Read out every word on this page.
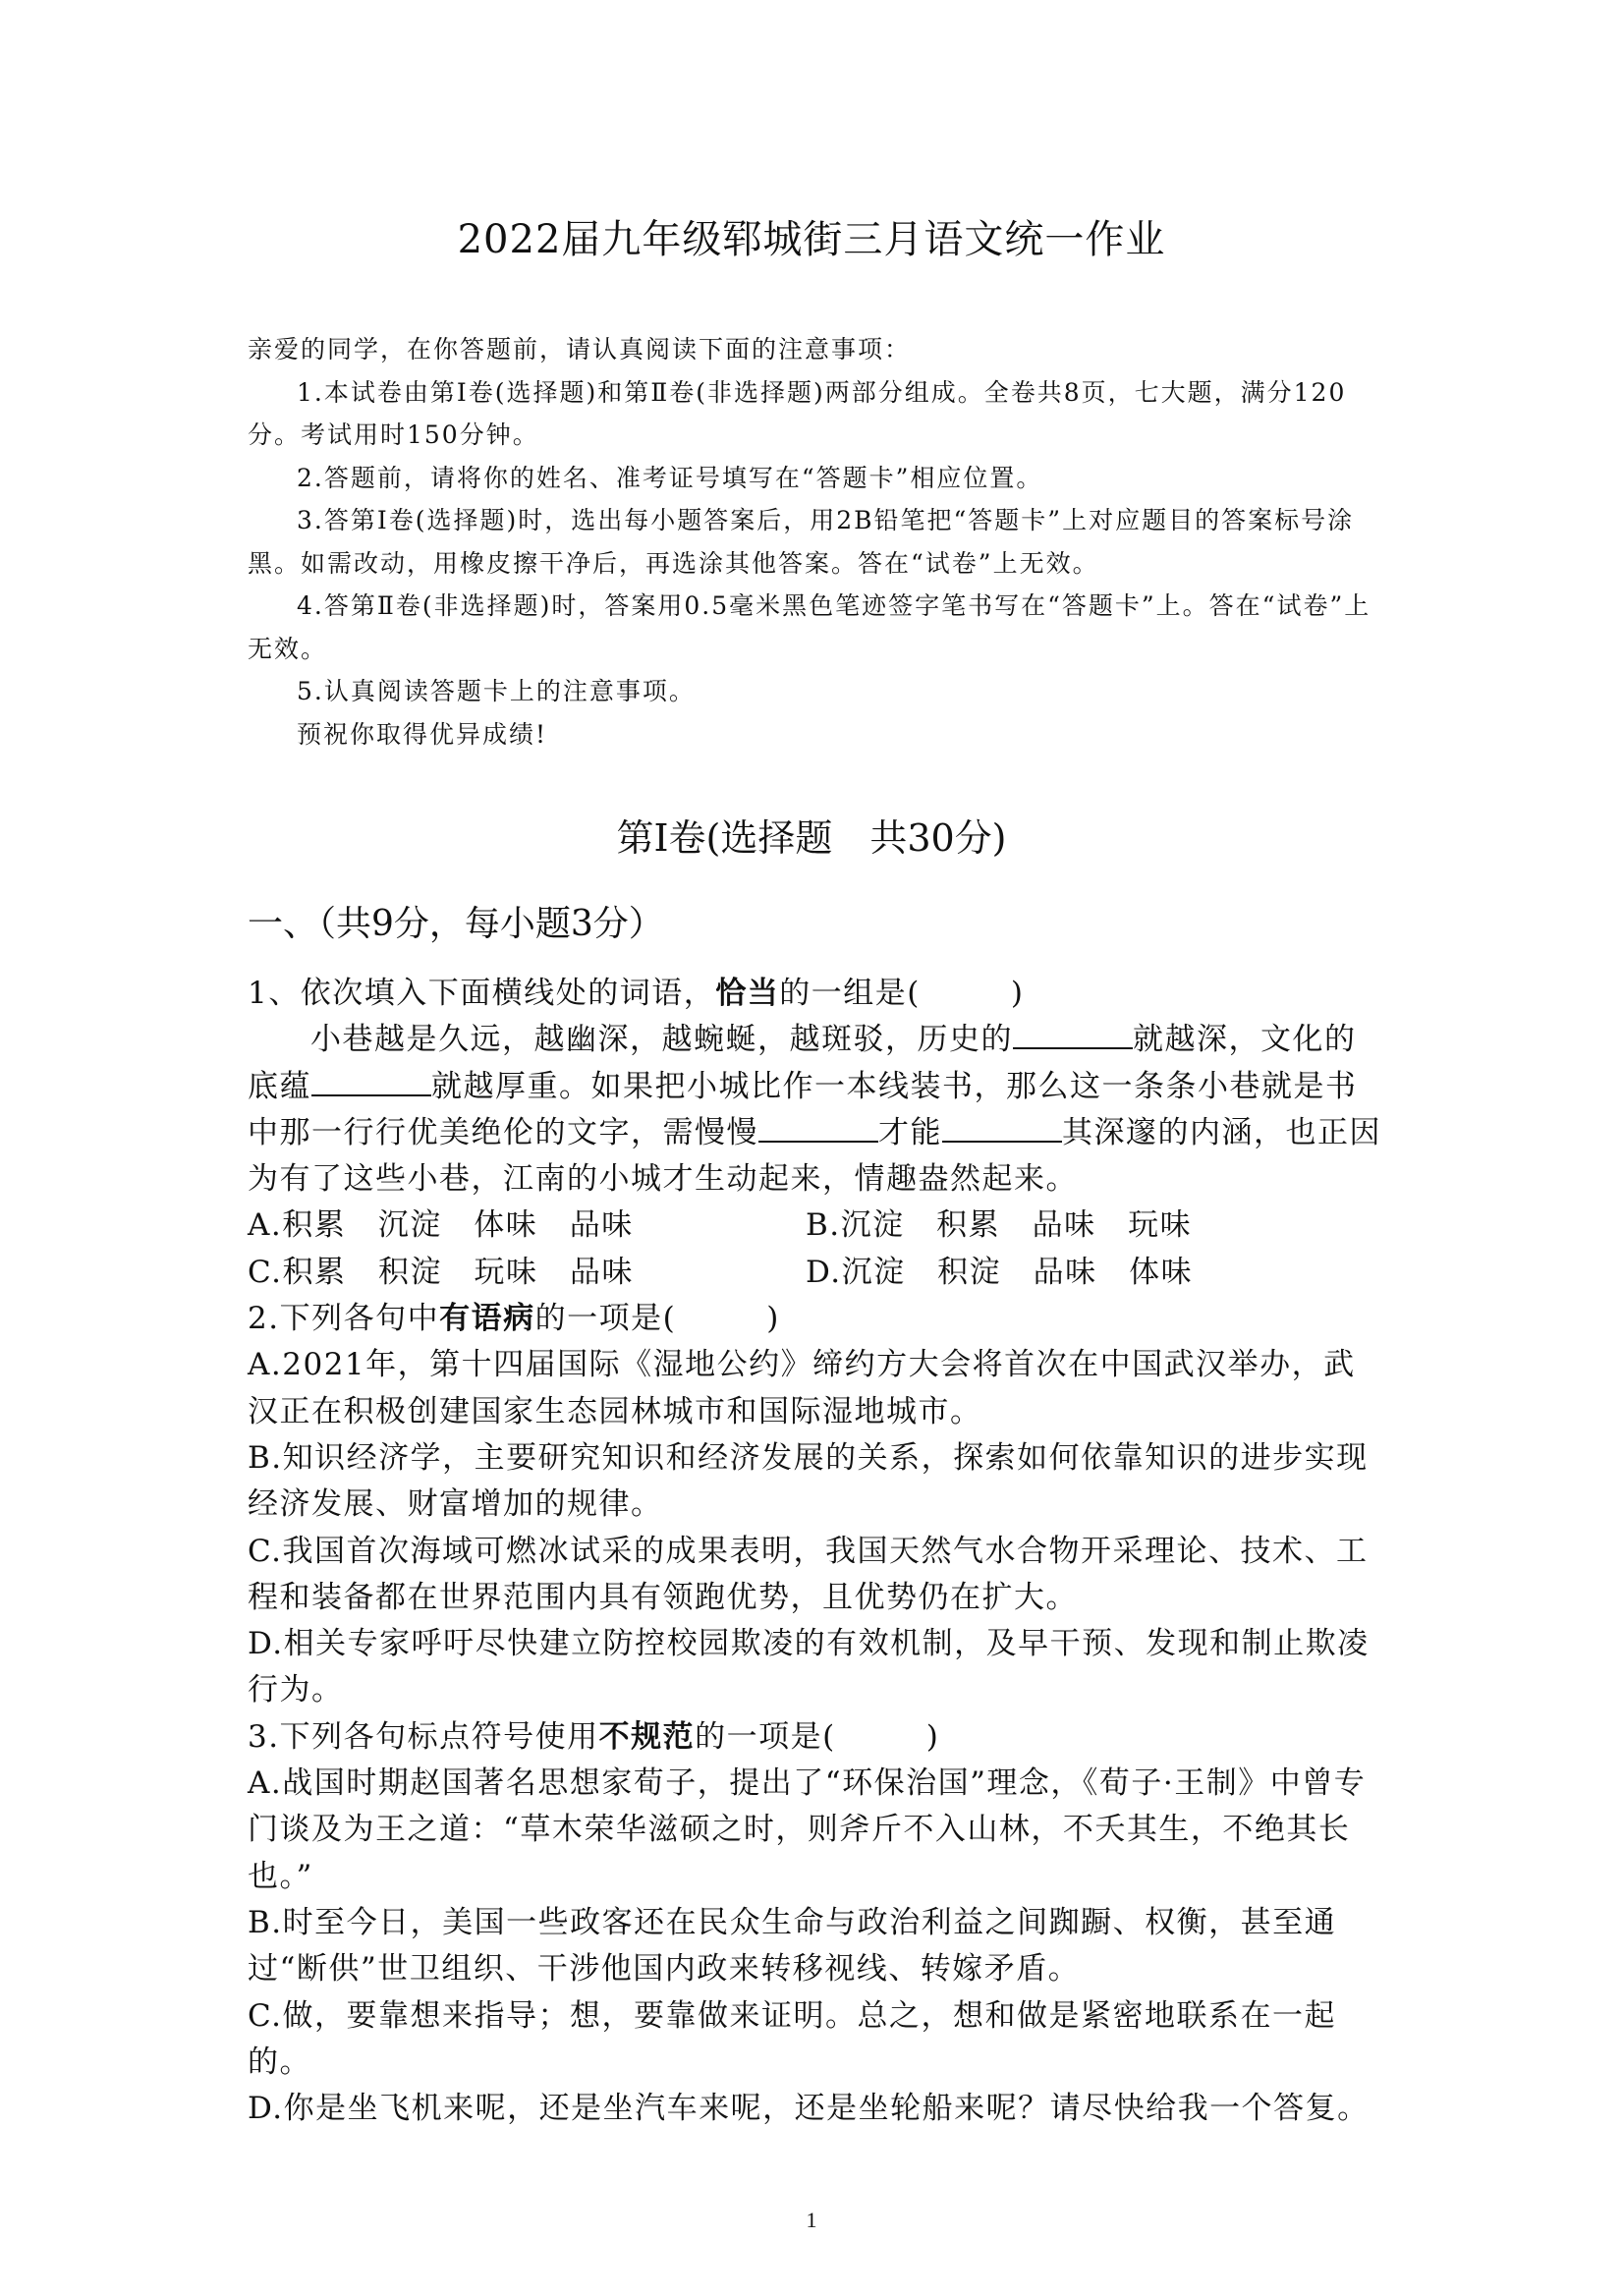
2022届九年级郓城街三月语文统一作业

亲爱的同学，在你答题前，请认真阅读下面的注意事项：

1.本试卷由第Ⅰ卷(选择题)和第Ⅱ卷(非选择题)两部分组成。全卷共8页，七大题，满分120分。考试用时150分钟。

2.答题前，请将你的姓名、准考证号填写在“答题卡”相应位置。

3.答第Ⅰ卷(选择题)时，选出每小题答案后，用2B铅笔把“答题卡”上对应题目的答案标号涂黑。如需改动，用橡皮擦干净后，再选涂其他答案。答在“试卷”上无效。

4.答第Ⅱ卷(非选择题)时，答案用0.5毫米黑色笔迹签字笔书写在“答题卡”上。答在“试卷”上无效。

5.认真阅读答题卡上的注意事项。

预祝你取得优异成绩!

第Ⅰ卷(选择题　共30分)
一、（共9分，每小题3分）

1、依次填入下面横线处的词语，恰当的一组是(	)

小巷越是久远，越幽深，越蜿蜒，越斑驳，历史的	就越深，文化的底蕴	就越厚重。如果把小城比作一本线装书，那么这一条条小巷就是书中那一行行优美绝伦的文字，需慢慢	才能	其深邃的内涵，也正因为有了这些小巷，江南的小城才生动起来，情趣盎然起来。

A.积累　沉淀　体味　品味	B.沉淀　积累　品味　玩味
C.积累　积淀　玩味　品味	D.沉淀　积淀　品味　体味

2.下列各句中有语病的一项是(	)

A.2021年，第十四届国际《湿地公约》缔约方大会将首次在中国武汉举办，武汉正在积极创建国家生态园林城市和国际湿地城市。

B.知识经济学，主要研究知识和经济发展的关系，探索如何依靠知识的进步实现经济发展、财富增加的规律。

C.我国首次海域可燃冰试采的成果表明，我国天然气水合物开采理论、技术、工程和装备都在世界范围内具有领跑优势，且优势仍在扩大。

D.相关专家呼吁尽快建立防控校园欺凌的有效机制，及早干预、发现和制止欺凌行为。

3.下列各句标点符号使用不规范的一项是(	)

A.战国时期赵国著名思想家荀子，提出了“环保治国”理念，《荀子·王制》中曾专门谈及为王之道：“草木荣华滋硕之时，则斧斤不入山林，不夭其生，不绝其长也。”

B.时至今日，美国一些政客还在民众生命与政治利益之间踟蹰、权衡，甚至通过“断供”世卫组织、干涉他国内政来转移视线、转嫁矛盾。

C.做，要靠想来指导；想，要靠做来证明。总之，想和做是紧密地联系在一起的。

D.你是坐飞机来呢，还是坐汽车来呢，还是坐轮船来呢？请尽快给我一个答复。

1
